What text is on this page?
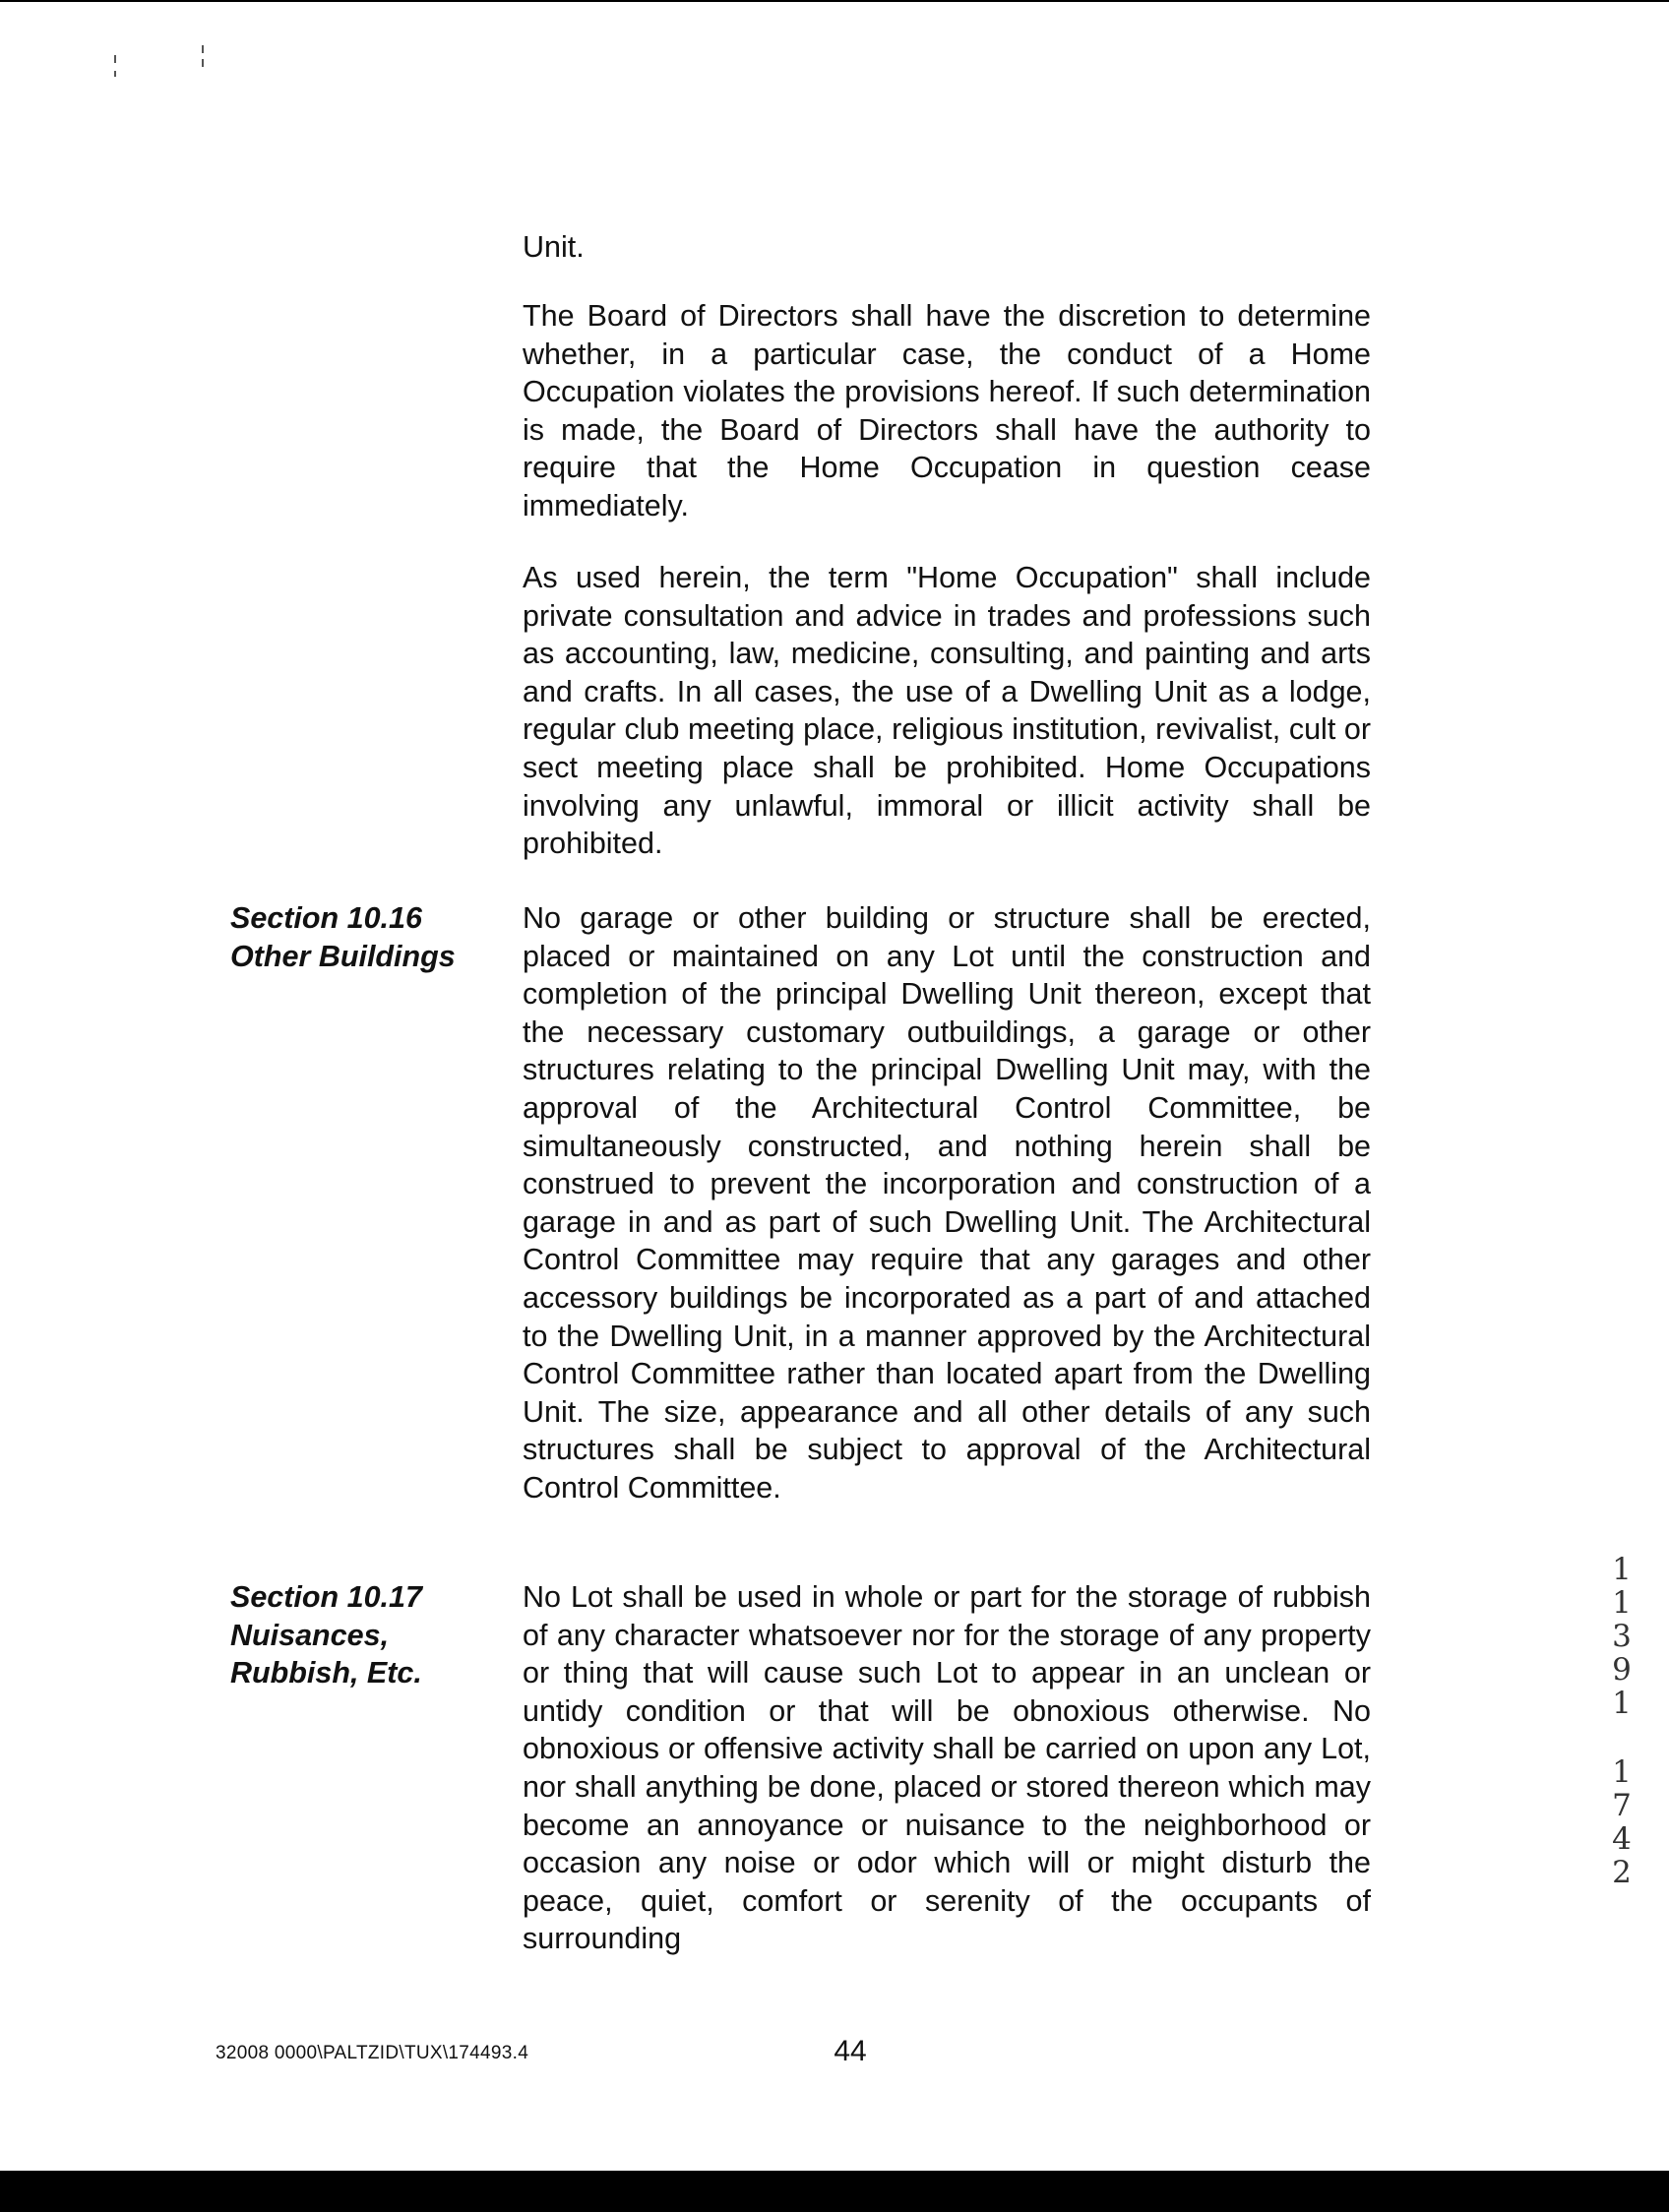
Unit.

The Board of Directors shall have the discretion to determine whether, in a particular case, the conduct of a Home Occupation violates the provisions hereof. If such determination is made, the Board of Directors shall have the authority to require that the Home Occupation in question cease immediately.

As used herein, the term "Home Occupation" shall include private consultation and advice in trades and professions such as accounting, law, medicine, consulting, and painting and arts and crafts. In all cases, the use of a Dwelling Unit as a lodge, regular club meeting place, religious institution, revivalist, cult or sect meeting place shall be prohibited. Home Occupations involving any unlawful, immoral or illicit activity shall be prohibited.

Section 10.16
Other Buildings

No garage or other building or structure shall be erected, placed or maintained on any Lot until the construction and completion of the principal Dwelling Unit thereon, except that the necessary customary outbuildings, a garage or other structures relating to the principal Dwelling Unit may, with the approval of the Architectural Control Committee, be simultaneously constructed, and nothing herein shall be construed to prevent the incorporation and construction of a garage in and as part of such Dwelling Unit. The Architectural Control Committee may require that any garages and other accessory buildings be incorporated as a part of and attached to the Dwelling Unit, in a manner approved by the Architectural Control Committee rather than located apart from the Dwelling Unit. The size, appearance and all other details of any such structures shall be subject to approval of the Architectural Control Committee.

Section 10.17
Nuisances,
Rubbish, Etc.

No Lot shall be used in whole or part for the storage of rubbish of any character whatsoever nor for the storage of any property or thing that will cause such Lot to appear in an unclean or untidy condition or that will be obnoxious otherwise. No obnoxious or offensive activity shall be carried on upon any Lot, nor shall anything be done, placed or stored thereon which may become an annoyance or nuisance to the neighborhood or occasion any noise or odor which will or might disturb the peace, quiet, comfort or serenity of the occupants of surrounding

1
1
3
9
1
1
7
4
2
32008 0000\PALTZID\TUX\174493.4	44
